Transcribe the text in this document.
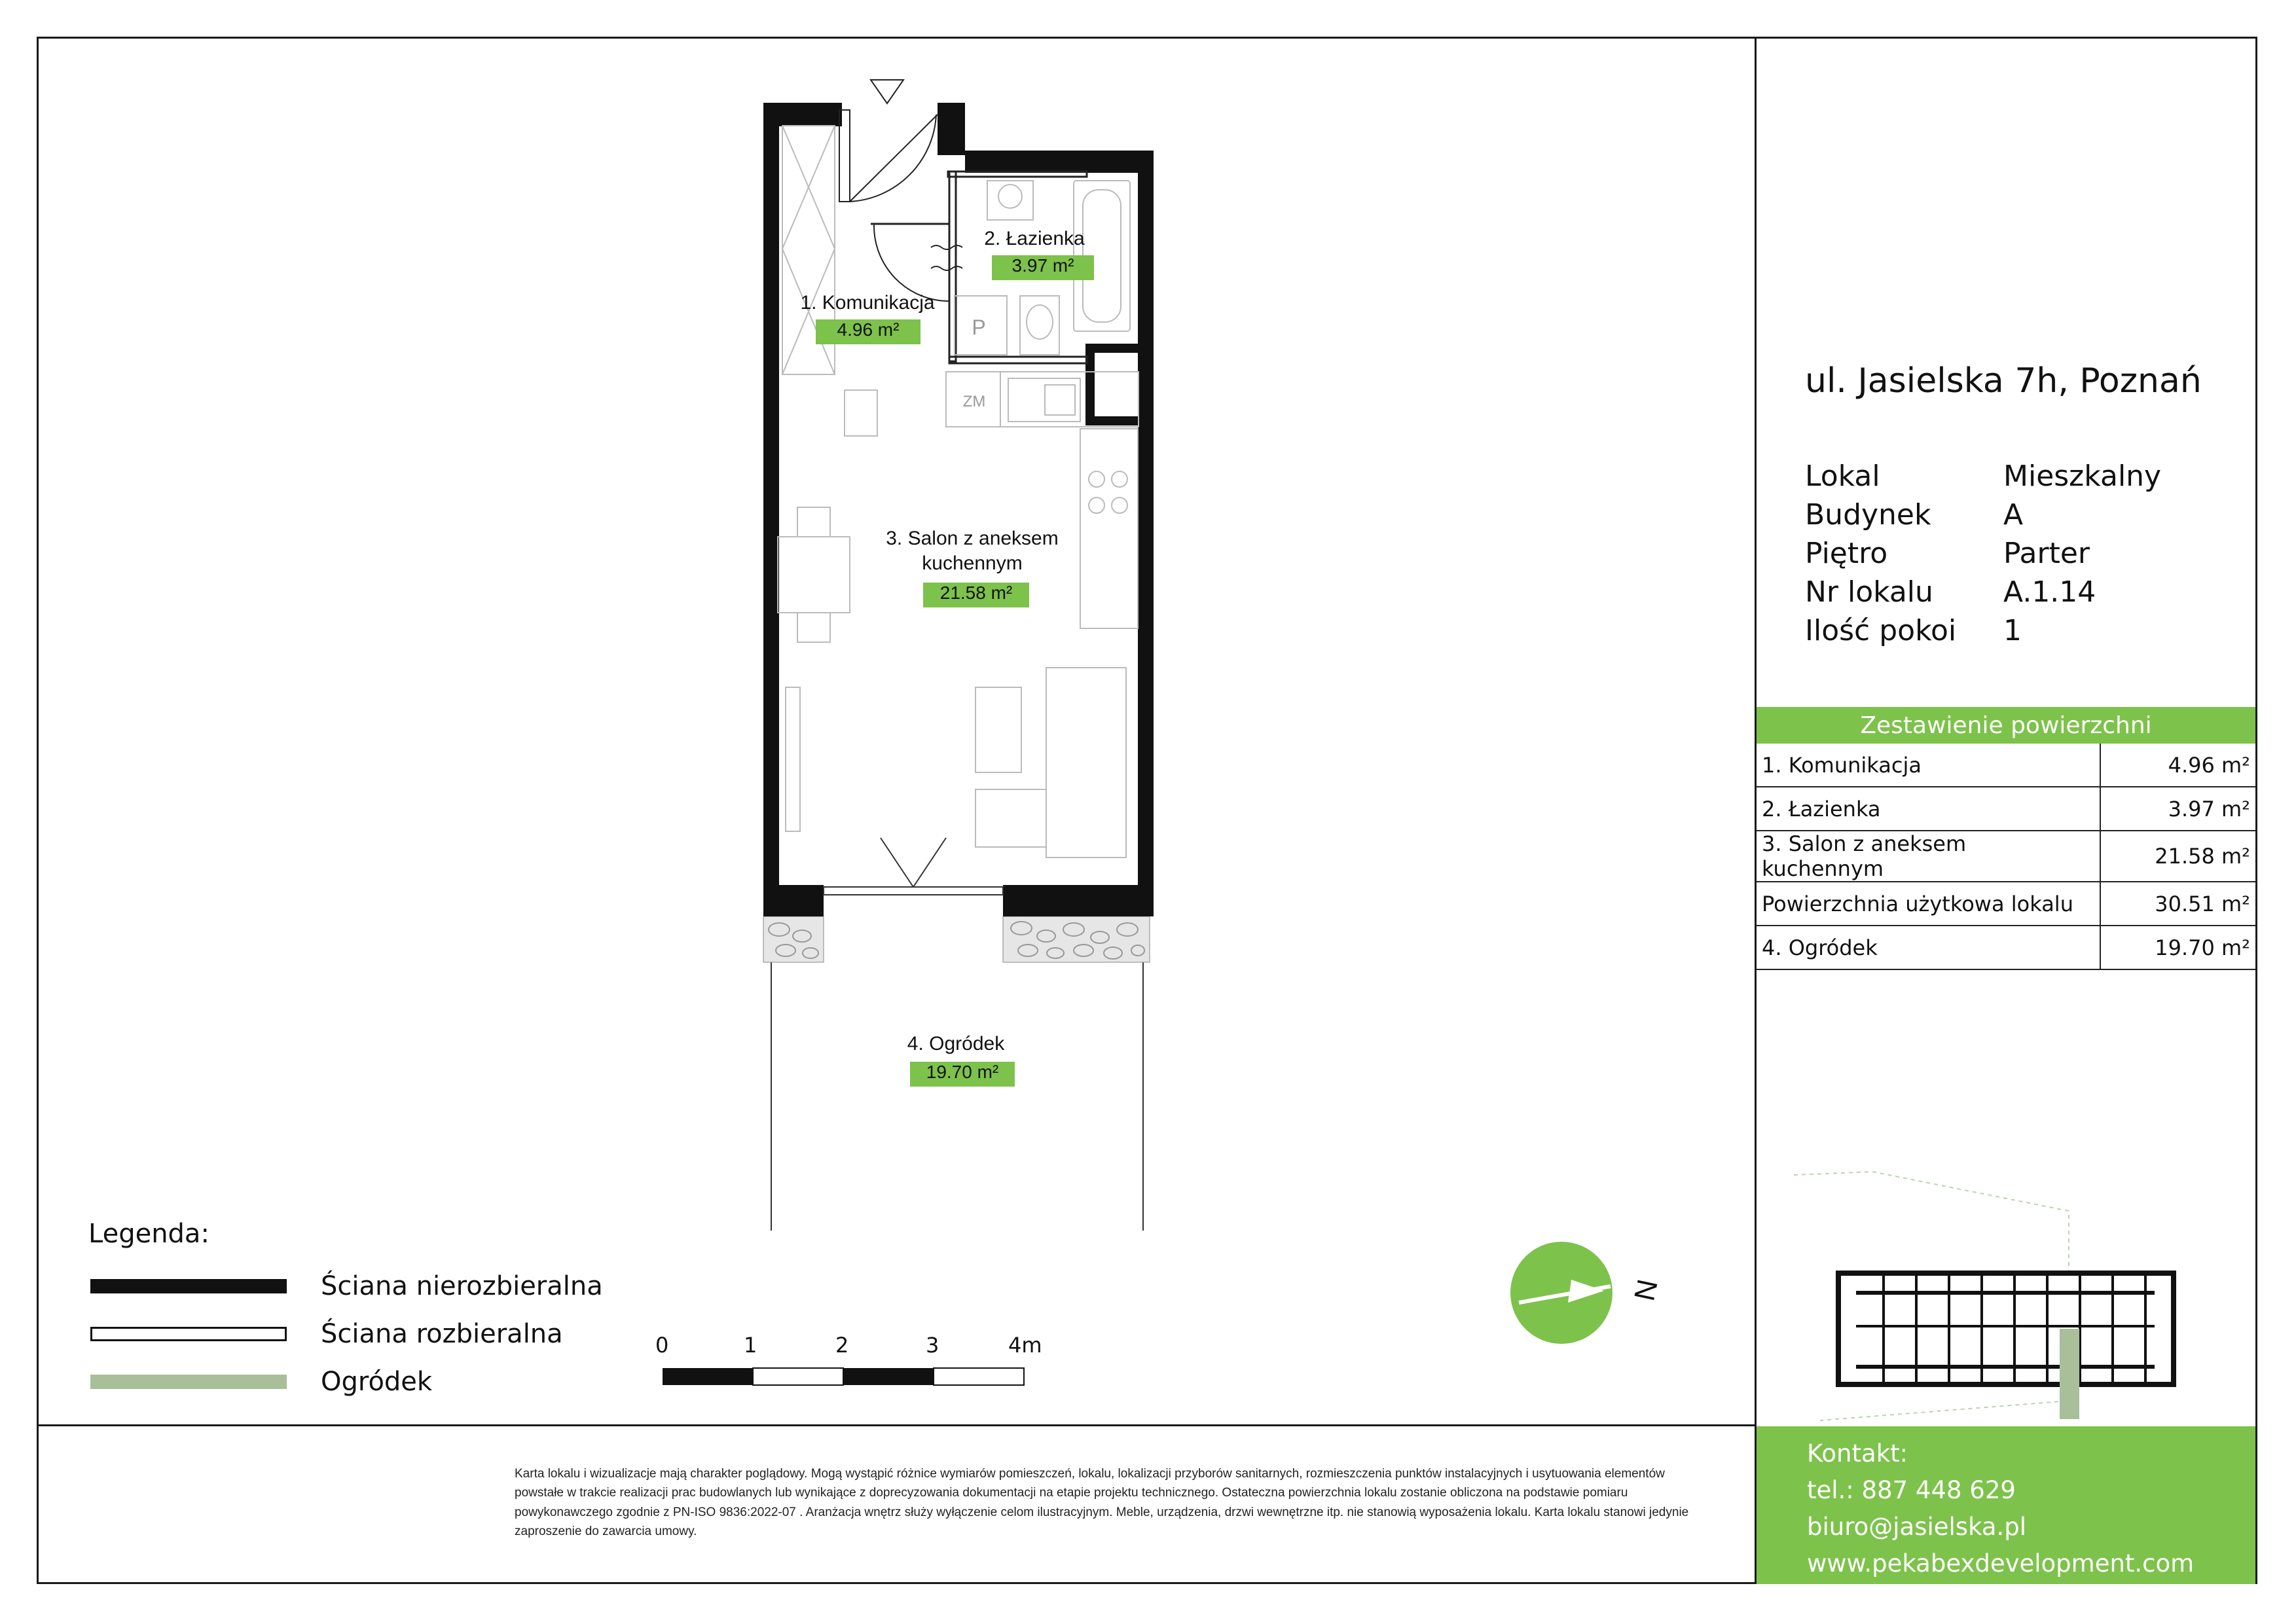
1. Komunikacja
4.96 m²
2. Łazienka
3.97 m²
3. Salon z aneksem
kuchennym
21.58 m²
4. Ogródek
19.70 m²
ZM
P
N
ul. Jasielska 7h, Poznań
Lokal	Mieszkalny
Budynek	A
Piętro	Parter
Nr lokalu	A.1.14
Ilość pokoi	1
Zestawienie powierzchni
1. Komunikacja	4.96 m²
2. Łazienka	3.97 m²
3. Salon z aneksem kuchennym	21.58 m²
Powierzchnia użytkowa lokalu	30.51 m²
4. Ogródek	19.70 m²
Legenda:
Ściana nierozbieralna
Ściana rozbieralna
Ogródek
0	1	2	3	4m
Karta lokalu i wizualizacje mają charakter poglądowy. Mogą wystąpić różnice wymiarów pomieszczeń, lokalu, lokalizacji przyborów sanitarnych, rozmieszczenia punktów instalacyjnych i usytuowania elementów powstałe w trakcie realizacji prac budowlanych lub wynikające z doprecyzowania dokumentacji na etapie projektu technicznego. Ostateczna powierzchnia lokalu zostanie obliczona na podstawie pomiaru powykonawczego zgodnie z PN-ISO 9836:2022-07 . Aranżacja wnętrz służy wyłączenie celom ilustracyjnym. Meble, urządzenia, drzwi wewnętrzne itp. nie stanowią wyposażenia lokalu. Karta lokalu stanowi jedynie zaproszenie do zawarcia umowy.
Kontakt:
tel.: 887 448 629
biuro@jasielska.pl
www.pekabexdevelopment.com
